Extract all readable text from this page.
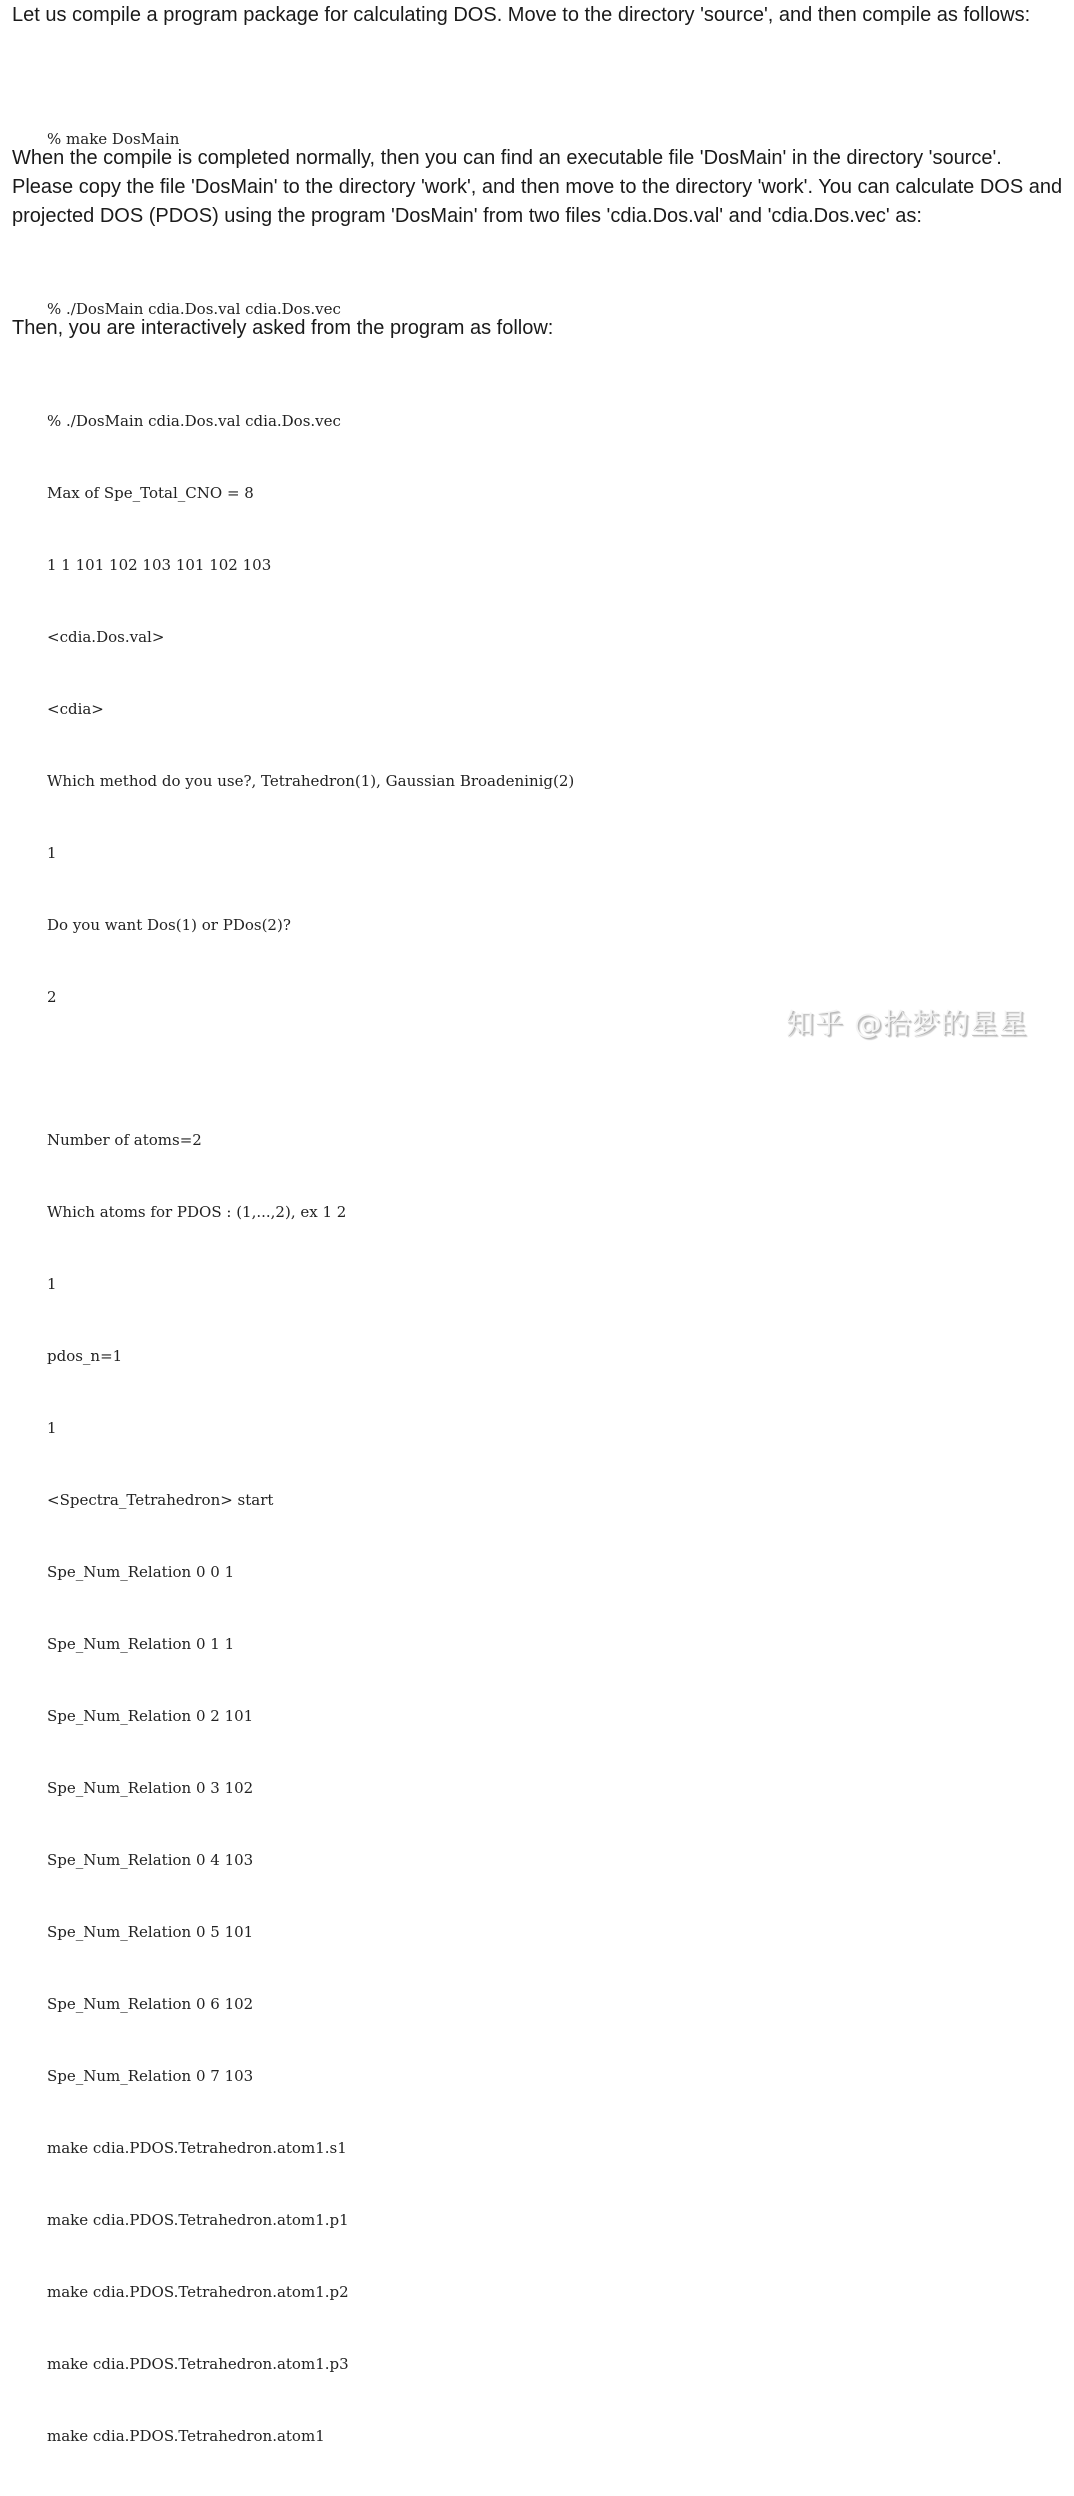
Let us compile a program package for calculating DOS. Move to the directory 'source', and then compile as follows:

% make DosMain

When the compile is completed normally, then you can find an executable file 'DosMain' in the directory 'source'. Please copy the file 'DosMain' to the directory 'work', and then move to the directory 'work'. You can calculate DOS and projected DOS (PDOS) using the program 'DosMain' from two files 'cdia.Dos.val' and 'cdia.Dos.vec' as:

% ./DosMain cdia.Dos.val cdia.Dos.vec

Then, you are interactively asked from the program as follow:

% ./DosMain cdia.Dos.val cdia.Dos.vec

Max of Spe_Total_CNO = 8

1 1 101 102 103 101 102 103

<cdia.Dos.val>

<cdia>

Which method do you use?, Tetrahedron(1), Gaussian Broadeninig(2)

1

Do you want Dos(1) or PDos(2)?

2

Number of atoms=2

Which atoms for PDOS : (1,...,2), ex 1 2

1

pdos_n=1

1

<Spectra_Tetrahedron> start

Spe_Num_Relation 0 0 1

Spe_Num_Relation 0 1 1

Spe_Num_Relation 0 2 101

Spe_Num_Relation 0 3 102

Spe_Num_Relation 0 4 103

Spe_Num_Relation 0 5 101

Spe_Num_Relation 0 6 102

Spe_Num_Relation 0 7 103

make cdia.PDOS.Tetrahedron.atom1.s1

make cdia.PDOS.Tetrahedron.atom1.p1

make cdia.PDOS.Tetrahedron.atom1.p2

make cdia.PDOS.Tetrahedron.atom1.p3

make cdia.PDOS.Tetrahedron.atom1

知乎 @拾梦的星星
